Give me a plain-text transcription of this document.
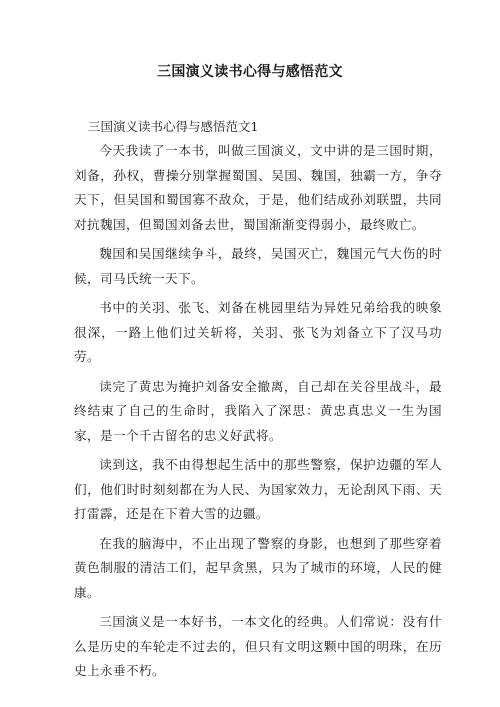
三国演义读书心得与感悟范文
三国演义读书心得与感悟范文1

今天我读了一本书，叫做三国演义，文中讲的是三国时期，刘备，孙权，曹操分别掌握蜀国、吴国、魏国，独霸一方，争夺天下，但吴国和蜀国寡不敌众，于是，他们结成孙刘联盟，共同对抗魏国，但蜀国刘备去世，蜀国渐渐变得弱小，最终败亡。

魏国和吴国继续争斗，最终，吴国灭亡，魏国元气大伤的时候，司马氏统一天下。

书中的关羽、张飞、刘备在桃园里结为异姓兄弟给我的映象很深，一路上他们过关斩将，关羽、张飞为刘备立下了汉马功劳。

读完了黄忠为掩护刘备安全撤离，自己却在关谷里战斗，最终结束了自己的生命时，我陷入了深思：黄忠真忠义一生为国家，是一个千古留名的忠义好武将。

读到这，我不由得想起生活中的那些警察，保护边疆的军人们，他们时时刻刻都在为人民、为国家效力，无论刮风下雨、天打雷霹，还是在下着大雪的边疆。

在我的脑海中，不止出现了警察的身影，也想到了那些穿着黄色制服的清洁工们，起早贪黑，只为了城市的环境，人民的健康。

三国演义是一本好书，一本文化的经典。人们常说：没有什么是历史的车轮走不过去的，但只有文明这颗中国的明珠，在历史上永垂不朽。
